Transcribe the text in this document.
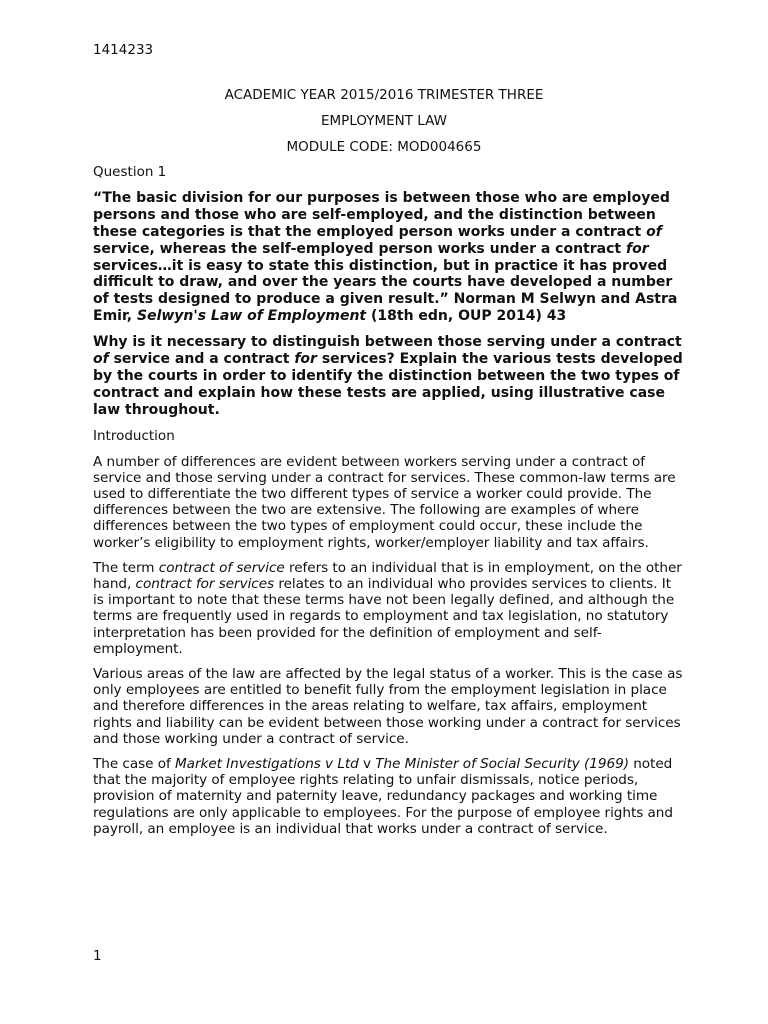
1414233
ACADEMIC YEAR 2015/2016 TRIMESTER THREE
EMPLOYMENT LAW
MODULE CODE: MOD004665

Question 1

“The basic division for our purposes is between those who are employed persons and those who are self-employed, and the distinction between these categories is that the employed person works under a contract of service, whereas the self-employed person works under a contract for services…it is easy to state this distinction, but in practice it has proved difficult to draw, and over the years the courts have developed a number of tests designed to produce a given result.” Norman M Selwyn and Astra Emir, Selwyn's Law of Employment (18th edn, OUP 2014) 43

Why is it necessary to distinguish between those serving under a contract of service and a contract for services? Explain the various tests developed by the courts in order to identify the distinction between the two types of contract and explain how these tests are applied, using illustrative case law throughout.

Introduction

A number of differences are evident between workers serving under a contract of service and those serving under a contract for services. These common-law terms are used to differentiate the two different types of service a worker could provide. The differences between the two are extensive. The following are examples of where differences between the two types of employment could occur, these include the worker’s eligibility to employment rights, worker/employer liability and tax affairs.

The term contract of service refers to an individual that is in employment, on the other hand, contract for services relates to an individual who provides services to clients. It is important to note that these terms have not been legally defined, and although the terms are frequently used in regards to employment and tax legislation, no statutory interpretation has been provided for the definition of employment and self-employment.

Various areas of the law are affected by the legal status of a worker. This is the case as only employees are entitled to benefit fully from the employment legislation in place and therefore differences in the areas relating to welfare, tax affairs, employment rights and liability can be evident between those working under a contract for services and those working under a contract of service.

The case of Market Investigations v Ltd v The Minister of Social Security (1969) noted that the majority of employee rights relating to unfair dismissals, notice periods, provision of maternity and paternity leave, redundancy packages and working time regulations are only applicable to employees. For the purpose of employee rights and payroll, an employee is an individual that works under a contract of service.

1
